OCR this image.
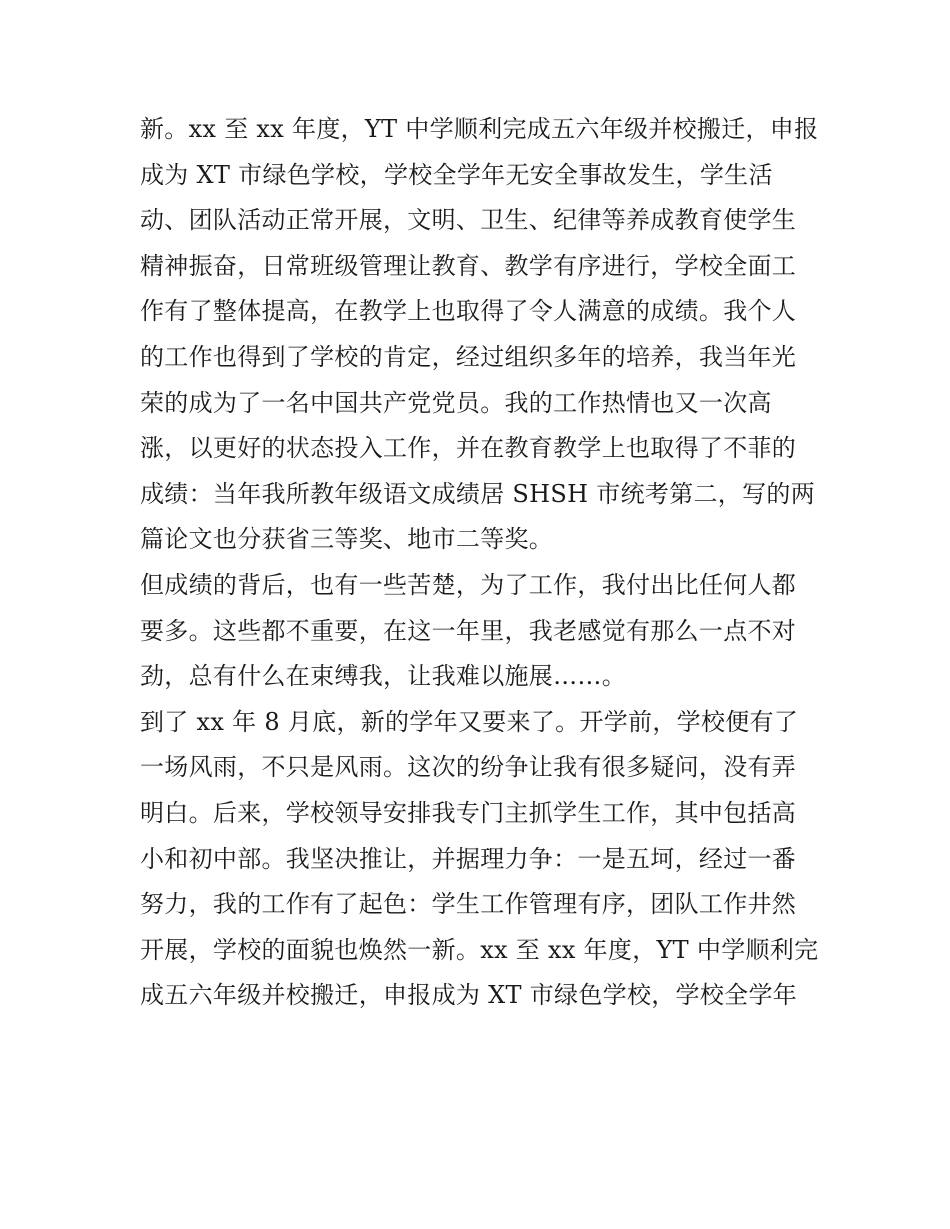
新。xx 至 xx 年度，YT 中学顺利完成五六年级并校搬迁，申报
成为 XT 市绿色学校，学校全学年无安全事故发生，学生活
动、团队活动正常开展，文明、卫生、纪律等养成教育使学生
精神振奋，日常班级管理让教育、教学有序进行，学校全面工
作有了整体提高，在教学上也取得了令人满意的成绩。我个人
的工作也得到了学校的肯定，经过组织多年的培养，我当年光
荣的成为了一名中国共产党党员。我的工作热情也又一次高
涨，以更好的状态投入工作，并在教育教学上也取得了不菲的
成绩：当年我所教年级语文成绩居 SHSH 市统考第二，写的两
篇论文也分获省三等奖、地市二等奖。
但成绩的背后，也有一些苦楚，为了工作，我付出比任何人都
要多。这些都不重要，在这一年里，我老感觉有那么一点不对
劲，总有什么在束缚我，让我难以施展……。
到了 xx 年 8 月底，新的学年又要来了。开学前，学校便有了
一场风雨，不只是风雨。这次的纷争让我有很多疑问，没有弄
明白。后来，学校领导安排我专门主抓学生工作，其中包括高
小和初中部。我坚决推让，并据理力争：一是五坷，经过一番
努力，我的工作有了起色：学生工作管理有序，团队工作井然
开展，学校的面貌也焕然一新。xx 至 xx 年度，YT 中学顺利完
成五六年级并校搬迁，申报成为 XT 市绿色学校，学校全学年
